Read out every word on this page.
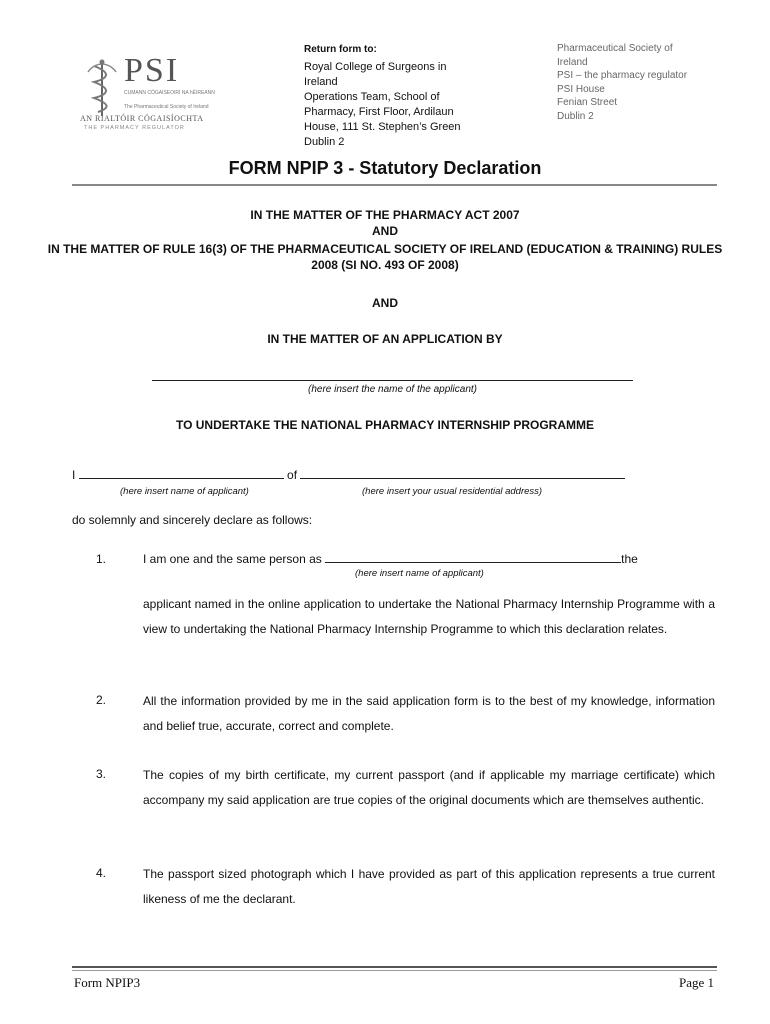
PSI
CUMANN CÓGAISEOIRÍ NA hÉIREANN
The Pharmaceutical Society of Ireland
AN RIALTÓIR CÓGAISÍOCHTA
THE PHARMACY REGULATOR
Return form to:
Royal College of Surgeons in
Ireland
Operations Team, School of
Pharmacy, First Floor, Ardilaun
House, 111 St. Stephen’s Green
Dublin 2
Pharmaceutical Society of
Ireland
PSI – the pharmacy regulator
PSI House
Fenian Street
Dublin 2
FORM NPIP 3 - Statutory Declaration
IN THE MATTER OF THE PHARMACY ACT 2007
AND
IN THE MATTER OF RULE 16(3) OF THE PHARMACEUTICAL SOCIETY OF IRELAND (EDUCATION & TRAINING) RULES 2008 (SI NO. 493 OF 2008)
AND
IN THE MATTER OF AN APPLICATION BY
(here insert the name of the applicant)
TO UNDERTAKE THE NATIONAL PHARMACY INTERNSHIP PROGRAMME
I	of
(here insert name of applicant)	(here insert your usual residential address)
do solemnly and sincerely declare as follows:
1.	I am one and the same person as	the
(here insert name of applicant)
applicant named in the online application to undertake the National Pharmacy Internship Programme with a view to undertaking the National Pharmacy Internship Programme to which this declaration relates.
2.	All the information provided by me in the said application form is to the best of my knowledge, information and belief true, accurate, correct and complete.
3.	The copies of my birth certificate, my current passport (and if applicable my marriage certificate) which accompany my said application are true copies of the original documents which are themselves authentic.
4.	The passport sized photograph which I have provided as part of this application represents a true current likeness of me the declarant.
Form NPIP3	Page 1
